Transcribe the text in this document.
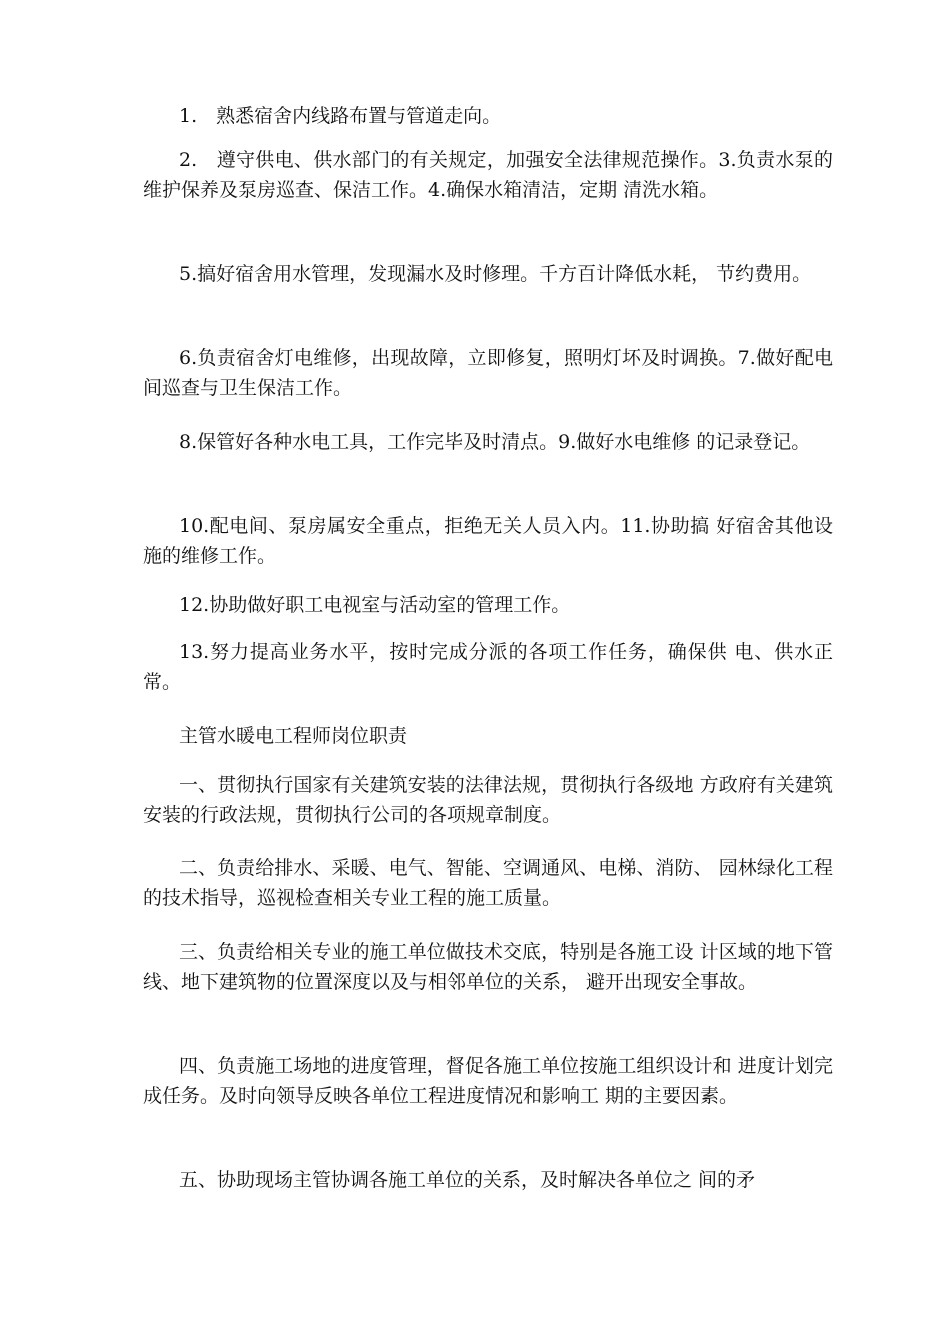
1.　熟悉宿舍内线路布置与管道走向。

2.　遵守供电、供水部门的有关规定，加强安全法律规范操作。3.负责水泵的维护保养及泵房巡查、保洁工作。4.确保水箱清洁，定期 清洗水箱。

5.搞好宿舍用水管理，发现漏水及时修理。千方百计降低水耗， 节约费用。

6.负责宿舍灯电维修，出现故障，立即修复，照明灯坏及时调换。7.做好配电间巡查与卫生保洁工作。

8.保管好各种水电工具，工作完毕及时清点。9.做好水电维修 的记录登记。

10.配电间、泵房属安全重点，拒绝无关人员入内。11.协助搞 好宿舍其他设施的维修工作。

12.协助做好职工电视室与活动室的管理工作。

13.努力提高业务水平，按时完成分派的各项工作任务，确保供 电、供水正常。

主管水暖电工程师岗位职责

一、贯彻执行国家有关建筑安装的法律法规，贯彻执行各级地 方政府有关建筑安装的行政法规，贯彻执行公司的各项规章制度。

二、负责给排水、采暖、电气、智能、空调通风、电梯、消防、 园林绿化工程的技术指导，巡视检查相关专业工程的施工质量。

三、负责给相关专业的施工单位做技术交底，特别是各施工设 计区域的地下管线、地下建筑物的位置深度以及与相邻单位的关系， 避开出现安全事故。

四、负责施工场地的进度管理，督促各施工单位按施工组织设计和 进度计划完成任务。及时向领导反映各单位工程进度情况和影响工 期的主要因素。

五、协助现场主管协调各施工单位的关系，及时解决各单位之 间的矛
